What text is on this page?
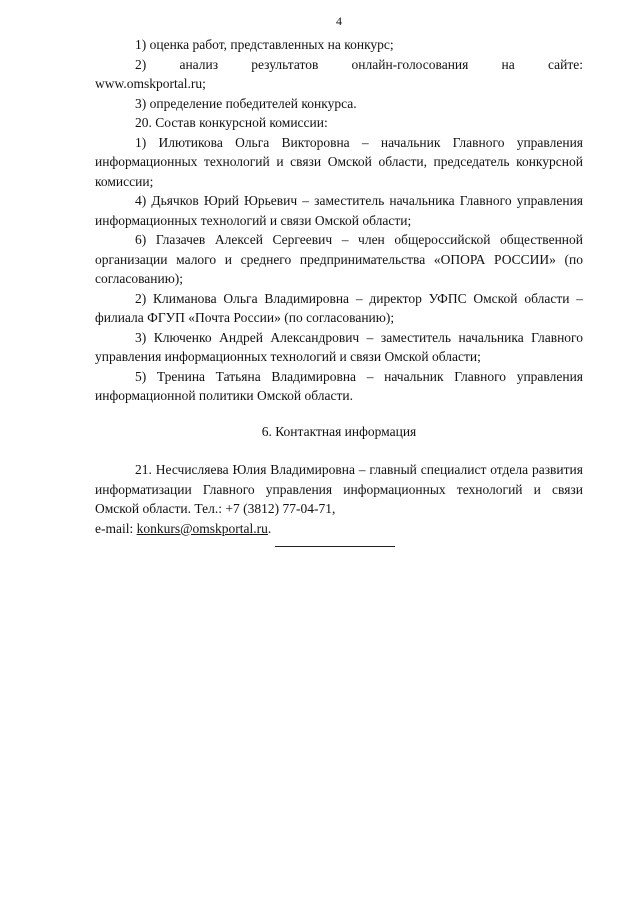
4

1) оценка работ, представленных на конкурс;

2) анализ результатов онлайн-голосования на сайте:

www.omskportal.ru;

3) определение победителей конкурса.

20. Состав конкурсной комиссии:

1) Илютикова Ольга Викторовна – начальник Главного управления информационных технологий и связи Омской области, председатель конкурсной комиссии;

4) Дьячков Юрий Юрьевич – заместитель начальника Главного управления информационных технологий и связи Омской области;

6) Глазачев Алексей Сергеевич – член общероссийской общественной организации малого и среднего предпринимательства «ОПОРА РОССИИ» (по согласованию);

2) Климанова Ольга Владимировна – директор УФПС Омской области – филиала ФГУП «Почта России» (по согласованию);

3) Ключенко Андрей Александрович – заместитель начальника Главного управления информационных технологий и связи Омской области;

5) Тренина Татьяна Владимировна – начальник Главного управления информационной политики Омской области.

6. Контактная информация

21. Несчисляева Юлия Владимировна – главный специалист отдела развития информатизации Главного управления информационных технологий и связи Омской области. Тел.: +7 (3812) 77-04-71,

e-mail: konkurs@omskportal.ru.
